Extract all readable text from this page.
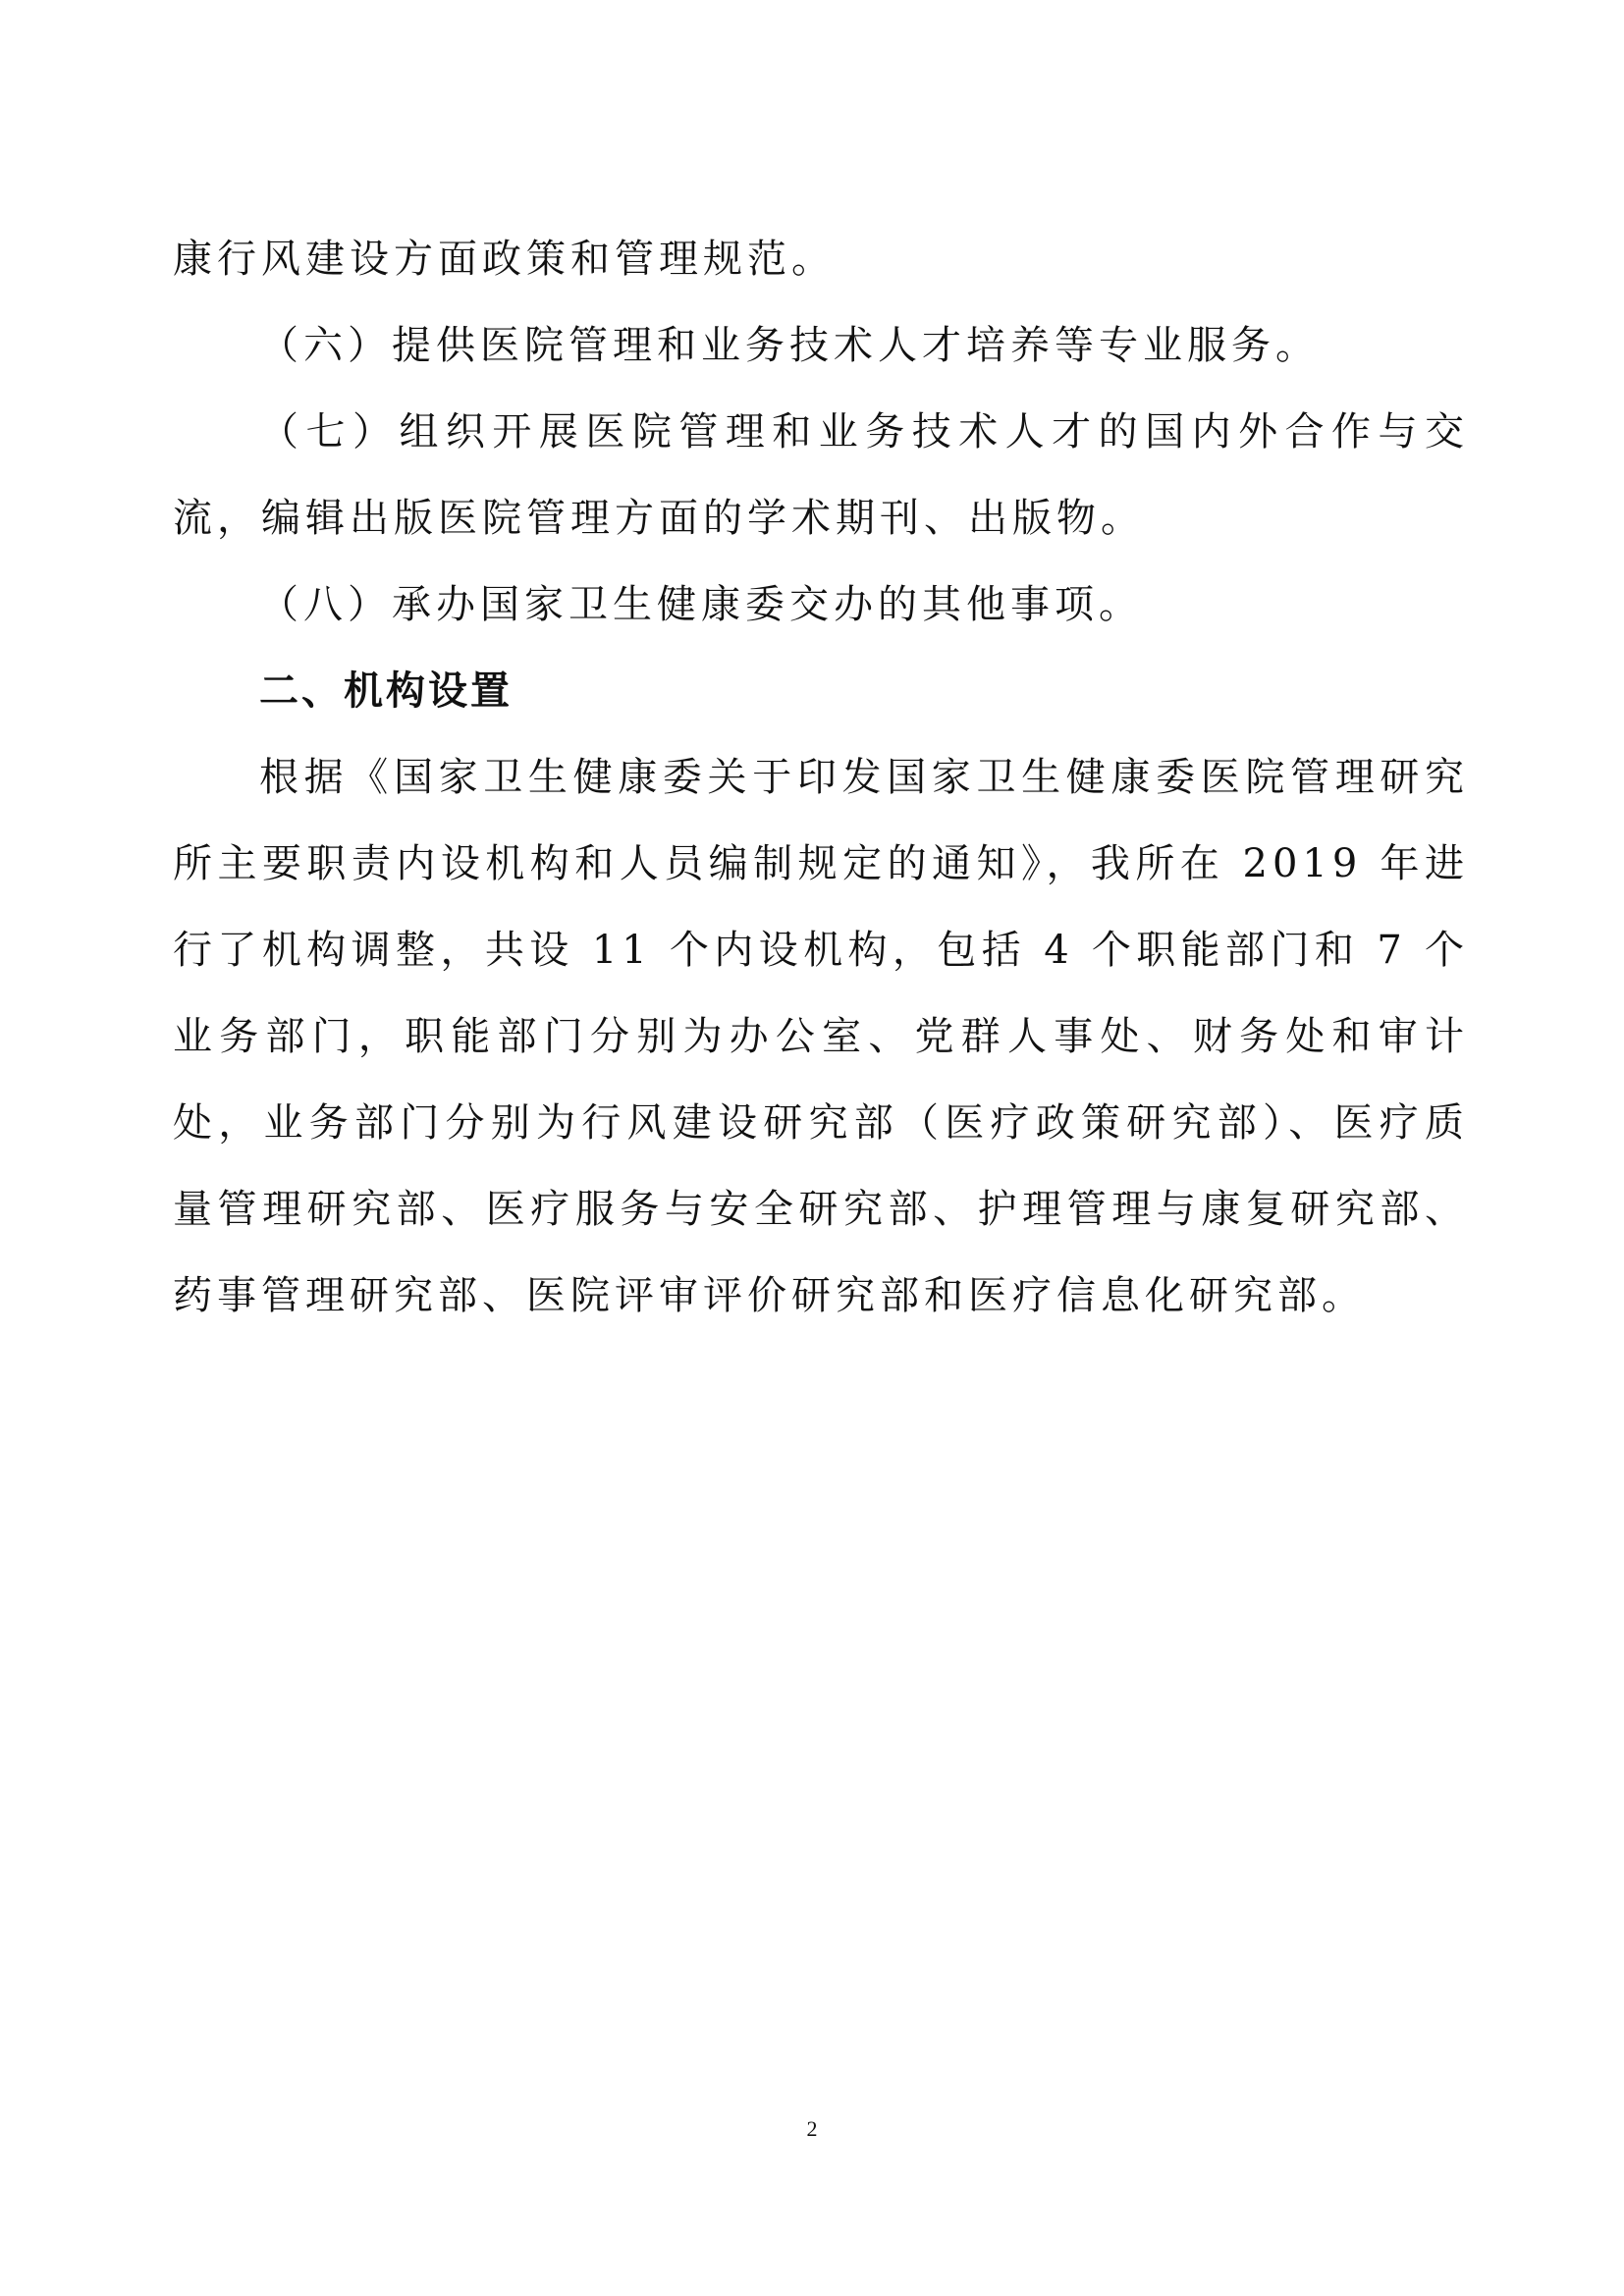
康行风建设方面政策和管理规范。

（六）提供医院管理和业务技术人才培养等专业服务。

（七）组织开展医院管理和业务技术人才的国内外合作与交流，编辑出版医院管理方面的学术期刊、出版物。

（八）承办国家卫生健康委交办的其他事项。

二、机构设置

根据《国家卫生健康委关于印发国家卫生健康委医院管理研究所主要职责内设机构和人员编制规定的通知》，我所在 2019 年进行了机构调整，共设 11 个内设机构，包括 4 个职能部门和 7 个业务部门，职能部门分别为办公室、党群人事处、财务处和审计处，业务部门分别为行风建设研究部（医疗政策研究部）、医疗质量管理研究部、医疗服务与安全研究部、护理管理与康复研究部、药事管理研究部、医院评审评价研究部和医疗信息化研究部。

2
